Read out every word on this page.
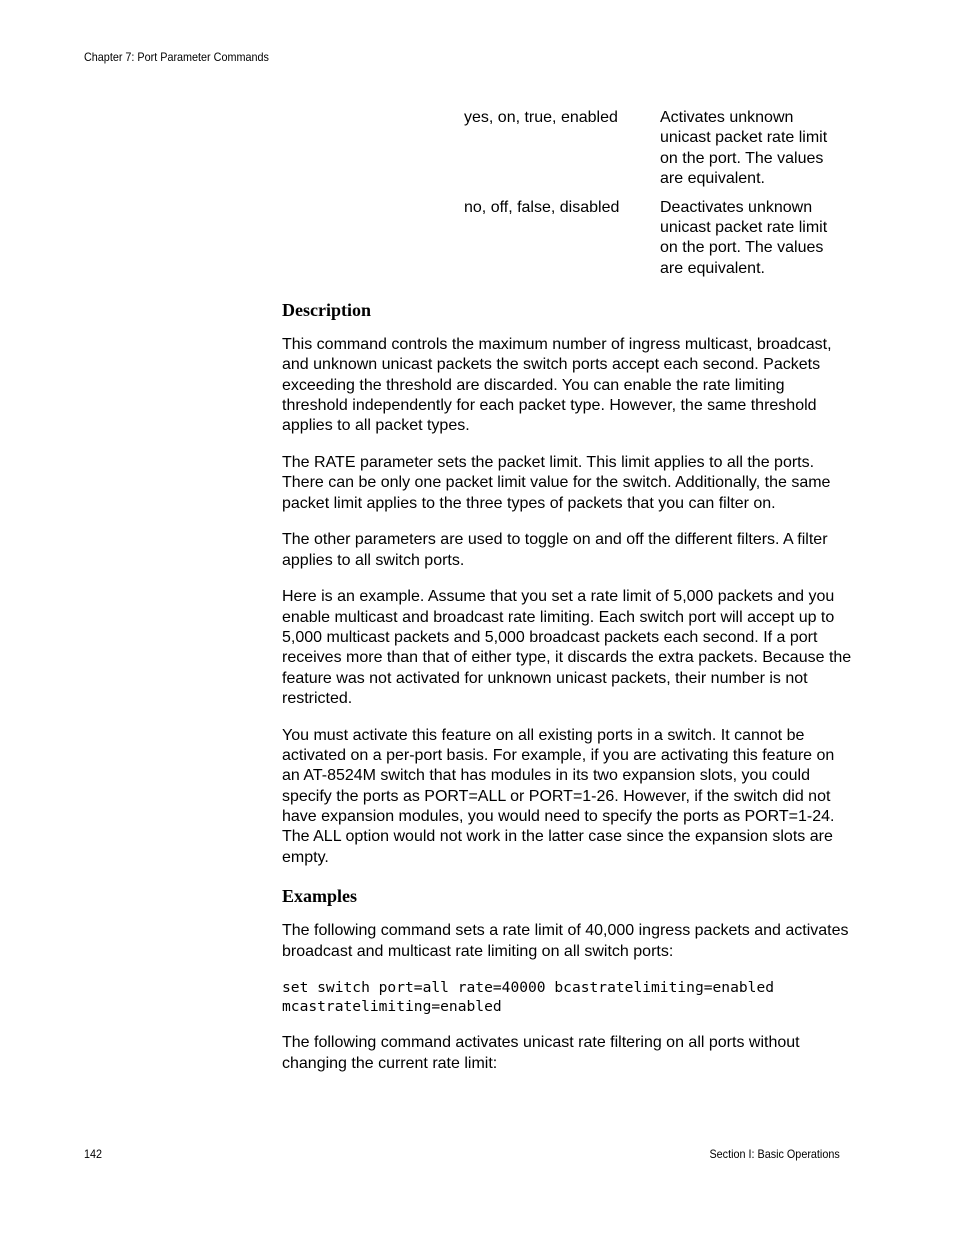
Chapter 7: Port Parameter Commands
yes, on, true, enabled	Activates unknown unicast packet rate limit on the port. The values are equivalent.
no, off, false, disabled	Deactivates unknown unicast packet rate limit on the port. The values are equivalent.
Description

This command controls the maximum number of ingress multicast, broadcast, and unknown unicast packets the switch ports accept each second. Packets exceeding the threshold are discarded. You can enable the rate limiting threshold independently for each packet type. However, the same threshold applies to all packet types.

The RATE parameter sets the packet limit. This limit applies to all the ports. There can be only one packet limit value for the switch. Additionally, the same packet limit applies to the three types of packets that you can filter on.

The other parameters are used to toggle on and off the different filters. A filter applies to all switch ports.

Here is an example. Assume that you set a rate limit of 5,000 packets and you enable multicast and broadcast rate limiting. Each switch port will accept up to 5,000 multicast packets and 5,000 broadcast packets each second. If a port receives more than that of either type, it discards the extra packets. Because the feature was not activated for unknown unicast packets, their number is not restricted.

You must activate this feature on all existing ports in a switch. It cannot be activated on a per-port basis. For example, if you are activating this feature on an AT-8524M switch that has modules in its two expansion slots, you could specify the ports as PORT=ALL or PORT=1-26. However, if the switch did not have expansion modules, you would need to specify the ports as PORT=1-24. The ALL option would not work in the latter case since the expansion slots are empty.

Examples

The following command sets a rate limit of 40,000 ingress packets and activates broadcast and multicast rate limiting on all switch ports:

set switch port=all rate=40000 bcastratelimiting=enabled
mcastratelimiting=enabled

The following command activates unicast rate filtering on all ports without changing the current rate limit:

142	Section I: Basic Operations
